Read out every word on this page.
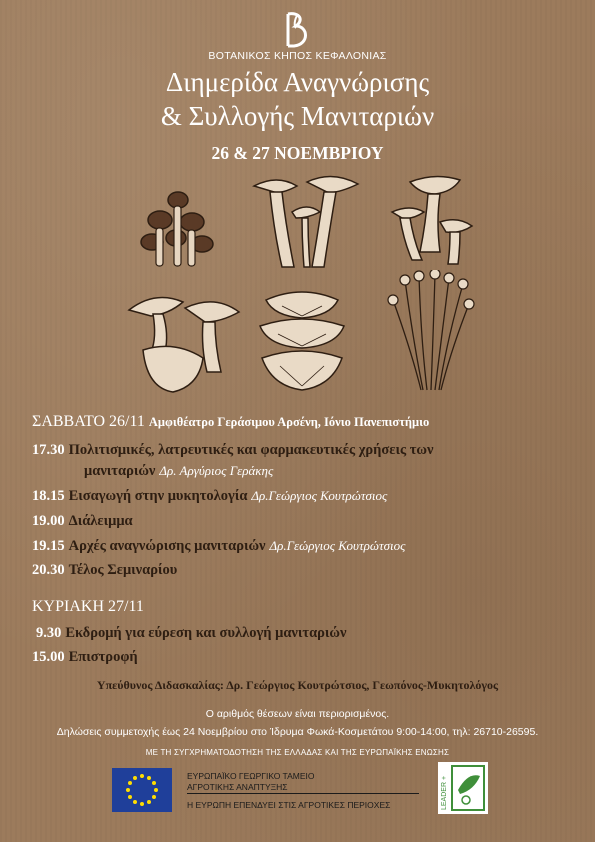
ΒΟΤΑΝΙΚΟΣ ΚΗΠΟΣ ΚΕΦΑΛΟΝΙΑΣ
Διημερίδα Αναγνώρισης
& Συλλογής Μανιταριών
26 & 27 ΝΟΕΜΒΡΙΟΥ
ΣΑΒΒΑΤΟ 26/11 Αμφιθέατρο Γεράσιμου Αρσένη, Ιόνιο Πανεπιστήμιο
17.30 Πολιτισμικές, λατρευτικές και φαρμακευτικές χρήσεις των
μανιταριών Δρ. Αργύριος Γεράκης
18.15 Εισαγωγή στην μυκητολογία Δρ.Γεώργιος Κουτρώτσιος
19.00 Διάλειμμα
19.15 Αρχές αναγνώρισης μανιταριών Δρ.Γεώργιος Κουτρώτσιος
20.30 Τέλος Σεμιναρίου
ΚΥΡΙΑΚΗ 27/11
9.30 Εκδρομή για εύρεση και συλλογή μανιταριών
15.00 Επιστροφή
Υπεύθυνος Διδασκαλίας: Δρ. Γεώργιος Κουτρώτσιος, Γεωπόνος-Μυκητολόγος
Ο αριθμός θέσεων είναι περιορισμένος.
Δηλώσεις συμμετοχής έως 24 Νοεμβρίου στο Ίδρυμα Φωκά-Κοσμετάτου 9:00-14:00, τηλ: 26710-26595.
ΜΕ ΤΗ ΣΥΓΧΡΗΜΑΤΟΔΟΤΗΣΗ ΤΗΣ ΕΛΛΑΔΑΣ ΚΑΙ ΤΗΣ ΕΥΡΩΠΑΪΚΗΣ ΕΝΩΣΗΣ
ΕΥΡΩΠΑΪΚΟ ΓΕΩΡΓΙΚΟ ΤΑΜΕΙΟ
ΑΓΡΟΤΙΚΗΣ ΑΝΑΠΤΥΞΗΣ
Η ΕΥΡΩΠΗ ΕΠΕΝΔΥΕΙ ΣΤΙΣ ΑΓΡΟΤΙΚΕΣ ΠΕΡΙΟΧΕΣ	LEADER +
